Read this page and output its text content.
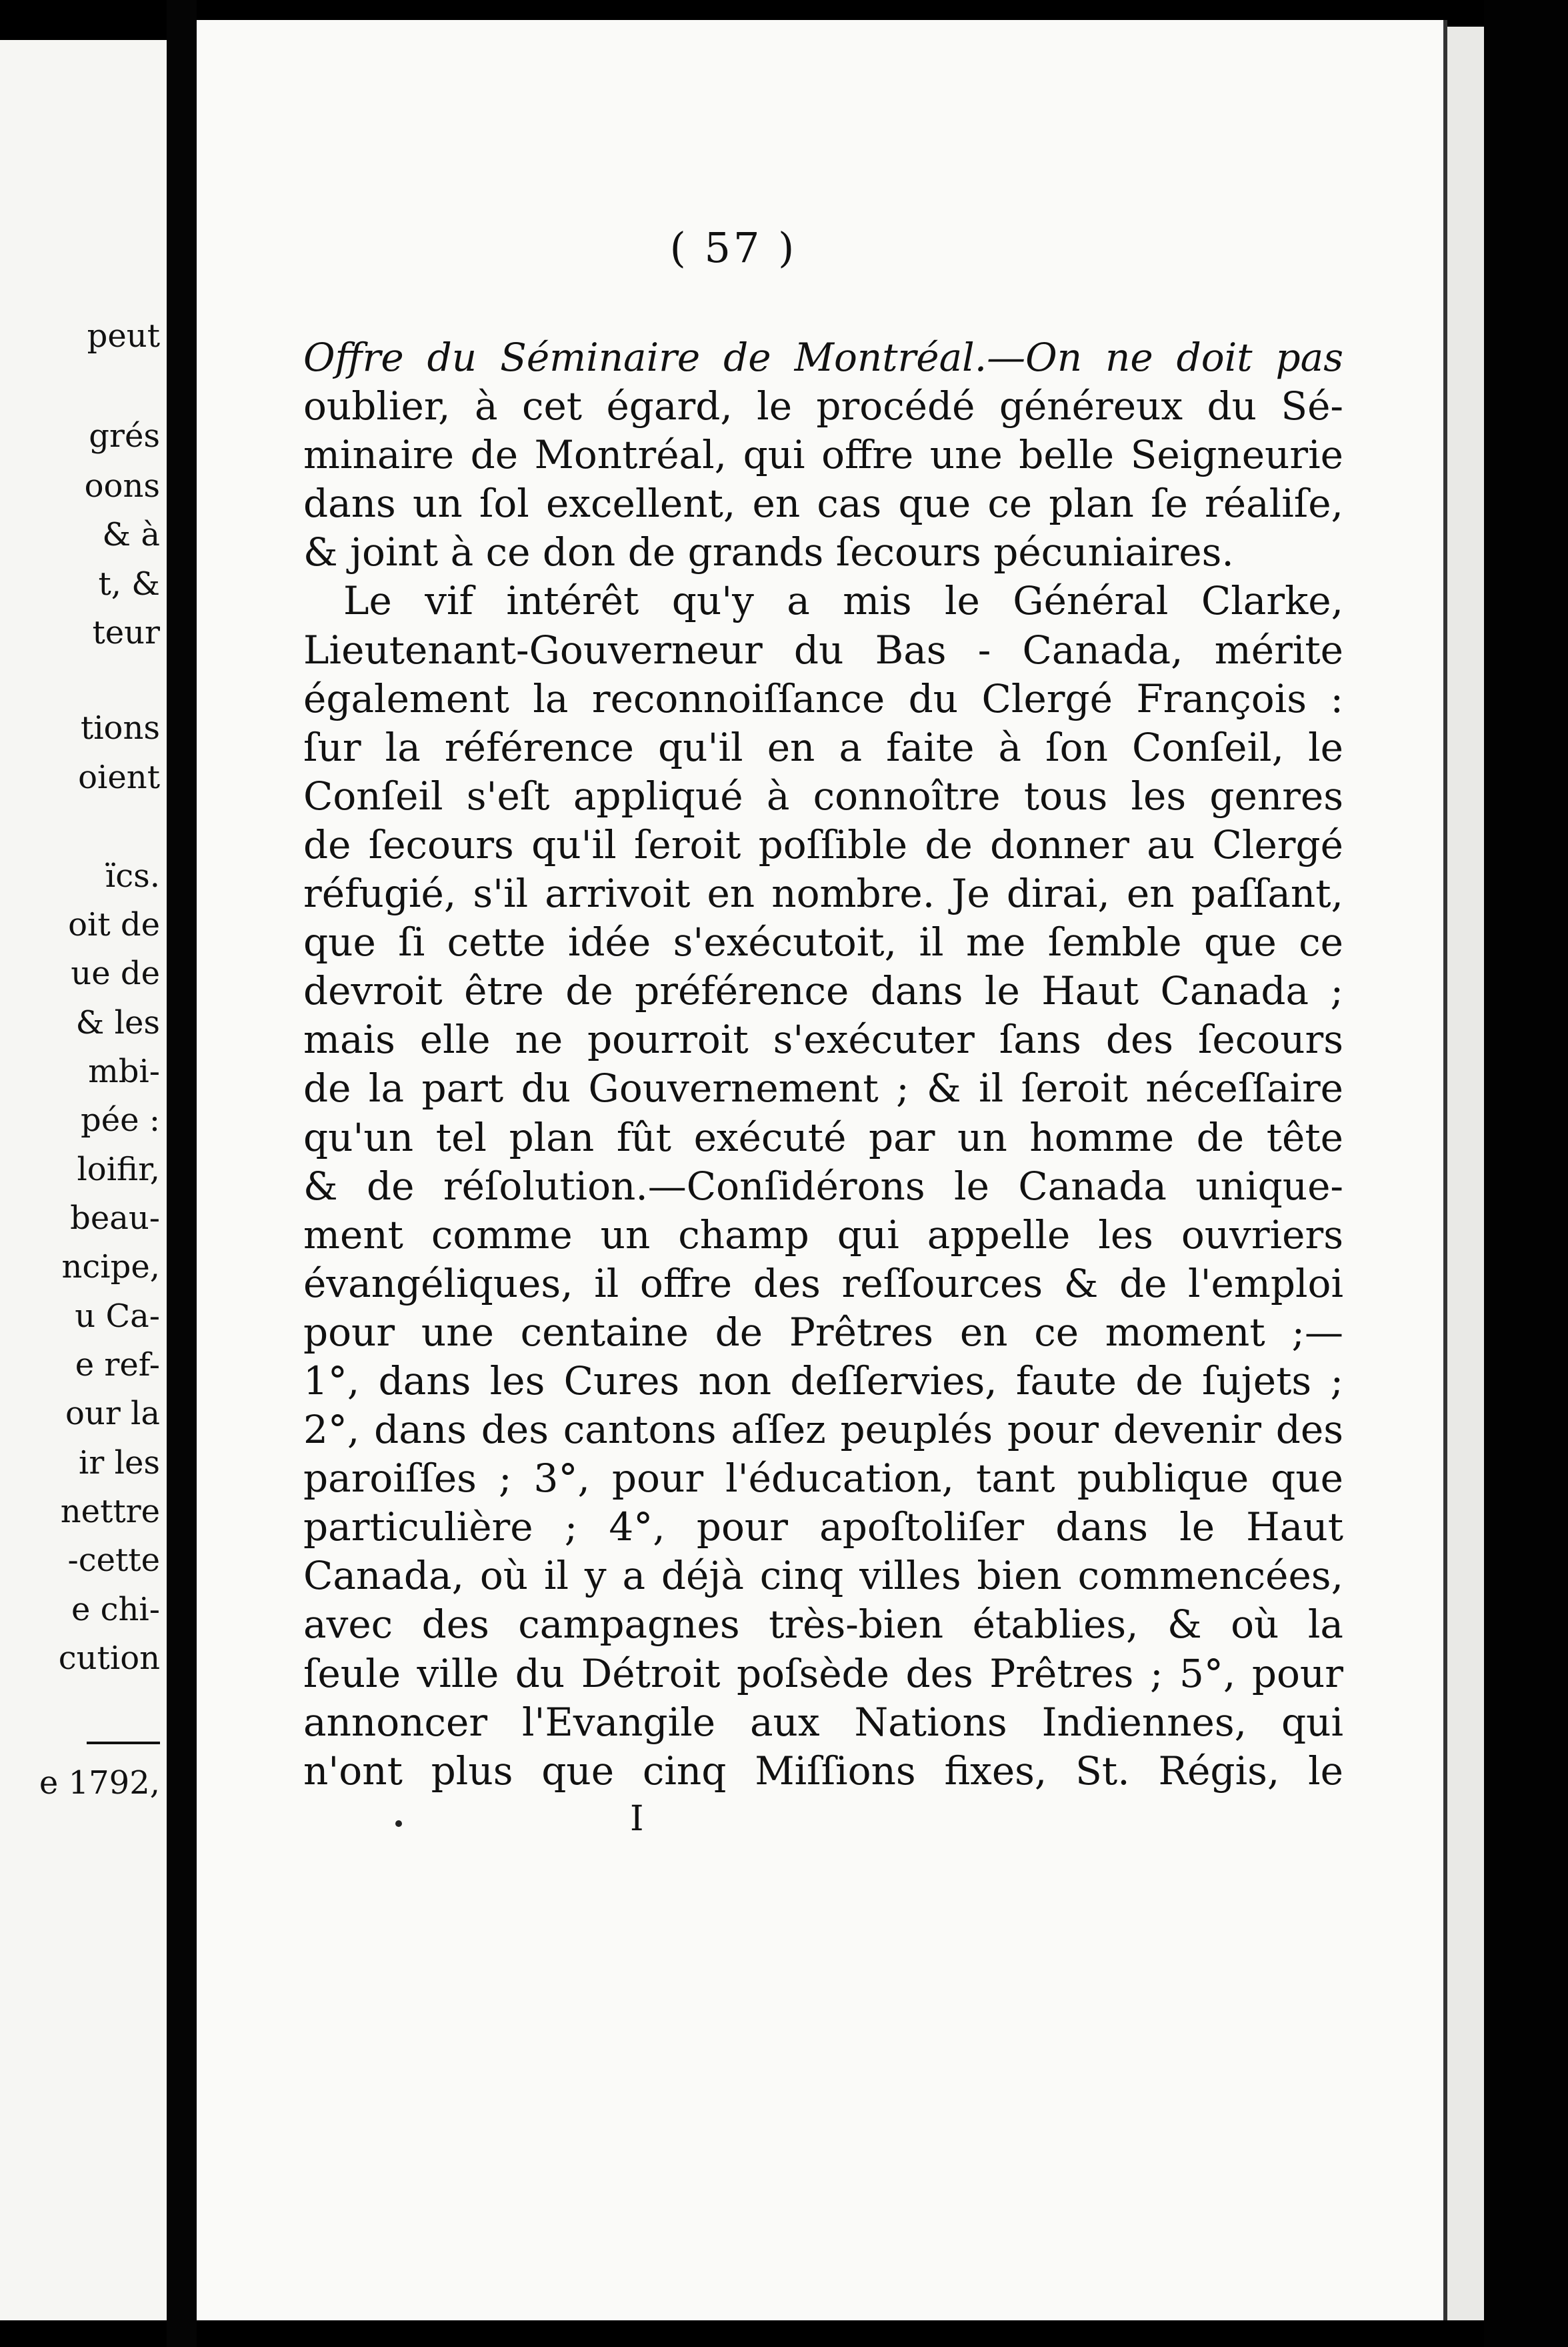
peut
grés
oons
& à
t, &
teur
tions
oient
ïcs.
oit de
ue de
& les
mbi-
pée :
loifir,
beau-
ncipe,
u Ca-
e ref-
our la
ir les
nettre
-cette
e chi-
cution
e 1792,
( 57 )
Offre du Séminaire de Montréal.—On ne doit pas
oublier, à cet égard, le procédé généreux du Sé-
minaire de Montréal, qui offre une belle Seigneurie
dans un ſol excellent, en cas que ce plan ſe réaliſe,
& joint à ce don de grands ſecours pécuniaires.
Le vif intérêt qu'y a mis le Général Clarke,
Lieutenant-Gouverneur du Bas - Canada, mérite
également la reconnoiſſance du Clergé François :
ſur la référence qu'il en a faite à ſon Conſeil, le
Conſeil s'eſt appliqué à connoître tous les genres
de ſecours qu'il ſeroit poſſible de donner au Clergé
réfugié, s'il arrivoit en nombre. Je dirai, en paſſant,
que ſi cette idée s'exécutoit, il me ſemble que ce
devroit être de préférence dans le Haut Canada ;
mais elle ne pourroit s'exécuter ſans des ſecours
de la part du Gouvernement ; & il ſeroit néceſſaire
qu'un tel plan fût exécuté par un homme de tête
& de réſolution.—Conſidérons le Canada unique-
ment comme un champ qui appelle les ouvriers
évangéliques, il offre des reſſources & de l'emploi
pour une centaine de Prêtres en ce moment ;—
1°, dans les Cures non deſſervies, faute de ſujets ;
2°, dans des cantons aſſez peuplés pour devenir des
paroiſſes ; 3°, pour l'éducation, tant publique que
particulière ; 4°, pour apoſtoliſer dans le Haut
Canada, où il y a déjà cinq villes bien commencées,
avec des campagnes très-bien établies, & où la
ſeule ville du Détroit poſsède des Prêtres ; 5°, pour
annoncer l'Evangile aux Nations Indiennes, qui
n'ont plus que cinq Miſſions fixes, St. Régis, le
I
